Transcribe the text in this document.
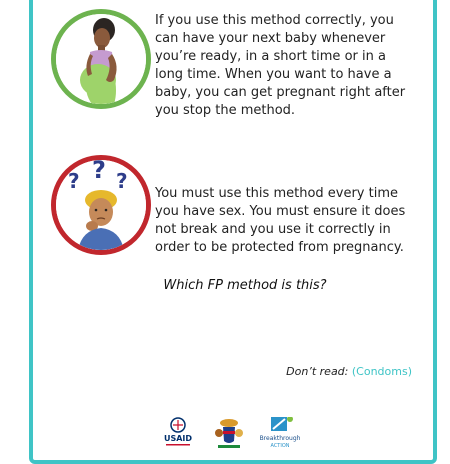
If you use this method correctly, you can have your next baby whenever you’re ready, in a short time or in a long time. When you want to have a baby, you can get pregnant right after you stop the method.

? ? ?

You must use this method every time you have sex. You must ensure it does not break and you use it correctly in order to be protected from pregnancy.

Which FP method is this?
Don’t read: (Condoms)
USAID	Breakthrough
ACTION
